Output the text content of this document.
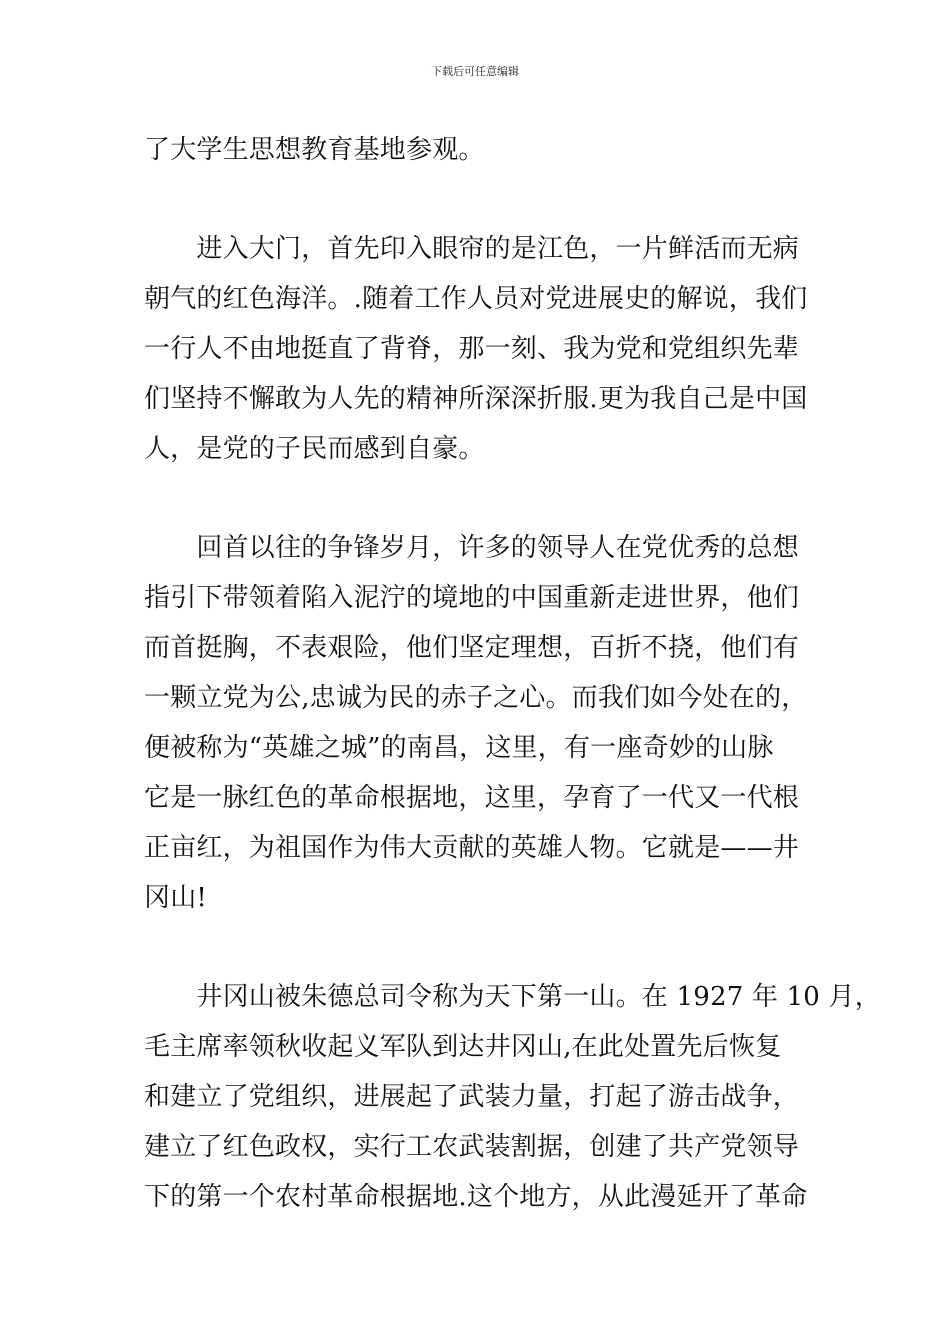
下载后可任意编辑
了大学生思想教育基地参观。
　　进入大门，首先印入眼帘的是江色，一片鲜活而无病
朝气的红色海洋。.随着工作人员对党进展史的解说，我们
一行人不由地挺直了背脊，那一刻、我为党和党组织先辈
们坚持不懈敢为人先的精神所深深折服.更为我自己是中国
人，是党的子民而感到自豪。
　　回首以往的争锋岁月，许多的领导人在党优秀的总想
指引下带领着陷入泥泞的境地的中国重新走进世界，他们
而首挺胸，不表艰险，他们坚定理想，百折不挠，他们有
一颗立党为公,忠诚为民的赤子之心。而我们如今处在的，
便被称为“英雄之城”的南昌，这里，有一座奇妙的山脉
它是一脉红色的革命根据地，这里，孕育了一代又一代根
正亩红，为祖国作为伟大贡献的英雄人物。它就是——井
冈山!
　　井冈山被朱德总司令称为天下第一山。在 1927 年 10 月，
毛主席率领秋收起义军队到达井冈山,在此处置先后恢复
和建立了党组织，进展起了武装力量，打起了游击战争，
建立了红色政权，实行工农武装割据，创建了共产党领导
下的第一个农村革命根据地.这个地方，从此漫延开了革命
